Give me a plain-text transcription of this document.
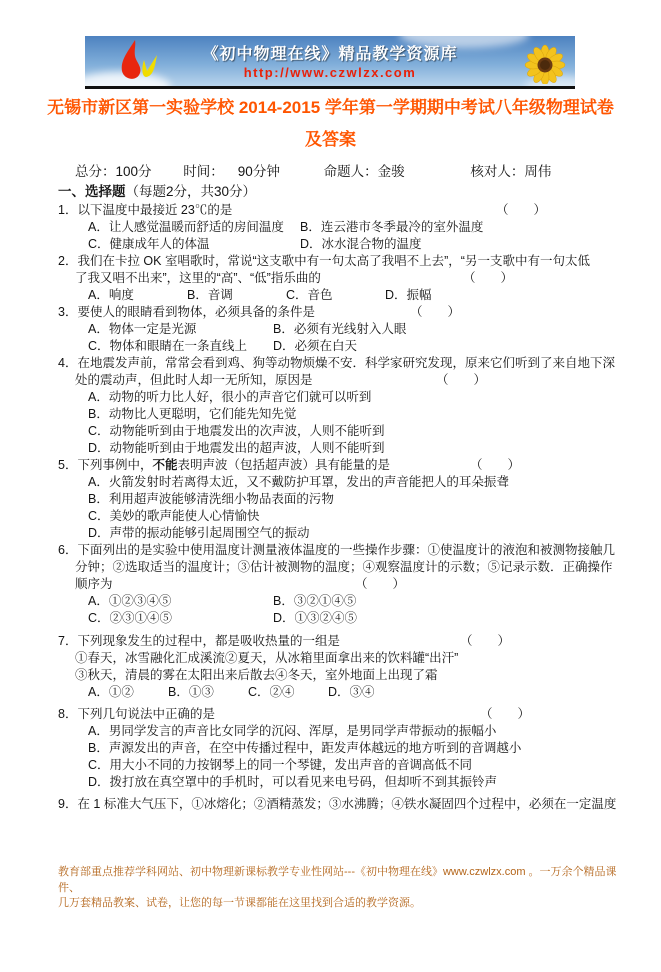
《初中物理在线》精品教学资源库
http://www.czwlzx.com
无锡市新区第一实验学校 2014-2015 学年第一学期期中考试八年级物理试卷
及答案
总分：100分 时间： 90分钟	命题人：金骏	核对人：周伟
一、选择题（每题2分，共30分）
1．以下温度中最接近 23℃的是	（　　）
A．让人感觉温暖而舒适的房间温度	B．连云港市冬季最冷的室外温度
C．健康成年人的体温	D．冰水混合物的温度
2．我们在卡拉 OK 室唱歌时，常说“这支歌中有一句太高了我唱不上去”，“另一支歌中有一句太低
了我又唱不出来”，这里的“高”、“低”指乐曲的	（　　）
A．响度	B．音调	C．音色	D．振幅
3．要使人的眼睛看到物体，必须具备的条件是	（　　）
A．物体一定是光源	B．必须有光线射入人眼
C．物体和眼睛在一条直线上	D．必须在白天
4．在地震发声前，常常会看到鸡、狗等动物烦燥不安．科学家研究发现，原来它们听到了来自地下深
处的震动声，但此时人却一无所知，原因是	（　　）
A．动物的听力比人好，很小的声音它们就可以听到
B．动物比人更聪明，它们能先知先觉
C．动物能听到由于地震发出的次声波，人则不能听到
D．动物能听到由于地震发出的超声波，人则不能听到
5．下列事例中，不能表明声波（包括超声波）具有能量的是	（　　）
A．火箭发射时若离得太近，又不戴防护耳罩，发出的声音能把人的耳朵振聋
B．利用超声波能够清洗细小物品表面的污物
C．美妙的歌声能使人心情愉快
D．声带的振动能够引起周围空气的振动
6．下面列出的是实验中使用温度计测量液体温度的一些操作步骤：①使温度计的液泡和被测物接触几
分钟；②选取适当的温度计；③估计被测物的温度；④观察温度计的示数；⑤记录示数．正确操作
顺序为	（　　）
A．①②③④⑤	B．③②①④⑤
C．②③①④⑤	D．①③②④⑤
7．下列现象发生的过程中，都是吸收热量的一组是	（　　）
①春天，冰雪融化汇成溪流②夏天，从冰箱里面拿出来的饮料罐“出汗”
③秋天，清晨的雾在太阳出来后散去④冬天，室外地面上出现了霜
A．①②	B．①③	C．②④	D．③④
8．下列几句说法中正确的是	（　　）
A．男同学发言的声音比女同学的沉闷、浑厚，是男同学声带振动的振幅小
B．声源发出的声音，在空中传播过程中，距发声体越远的地方听到的音调越小
C．用大小不同的力按钢琴上的同一个琴键，发出声音的音调高低不同
D．拨打放在真空罩中的手机时，可以看见来电号码，但却听不到其振铃声
9．在 1 标准大气压下，①冰熔化；②酒精蒸发；③水沸腾；④铁水凝固四个过程中，必须在一定温度
教育部重点推荐学科网站、初中物理新课标教学专业性网站---《初中物理在线》www.czwlzx.com 。一万余个精品课件、
几万套精品教案、试卷，让您的每一节课都能在这里找到合适的教学资源。
